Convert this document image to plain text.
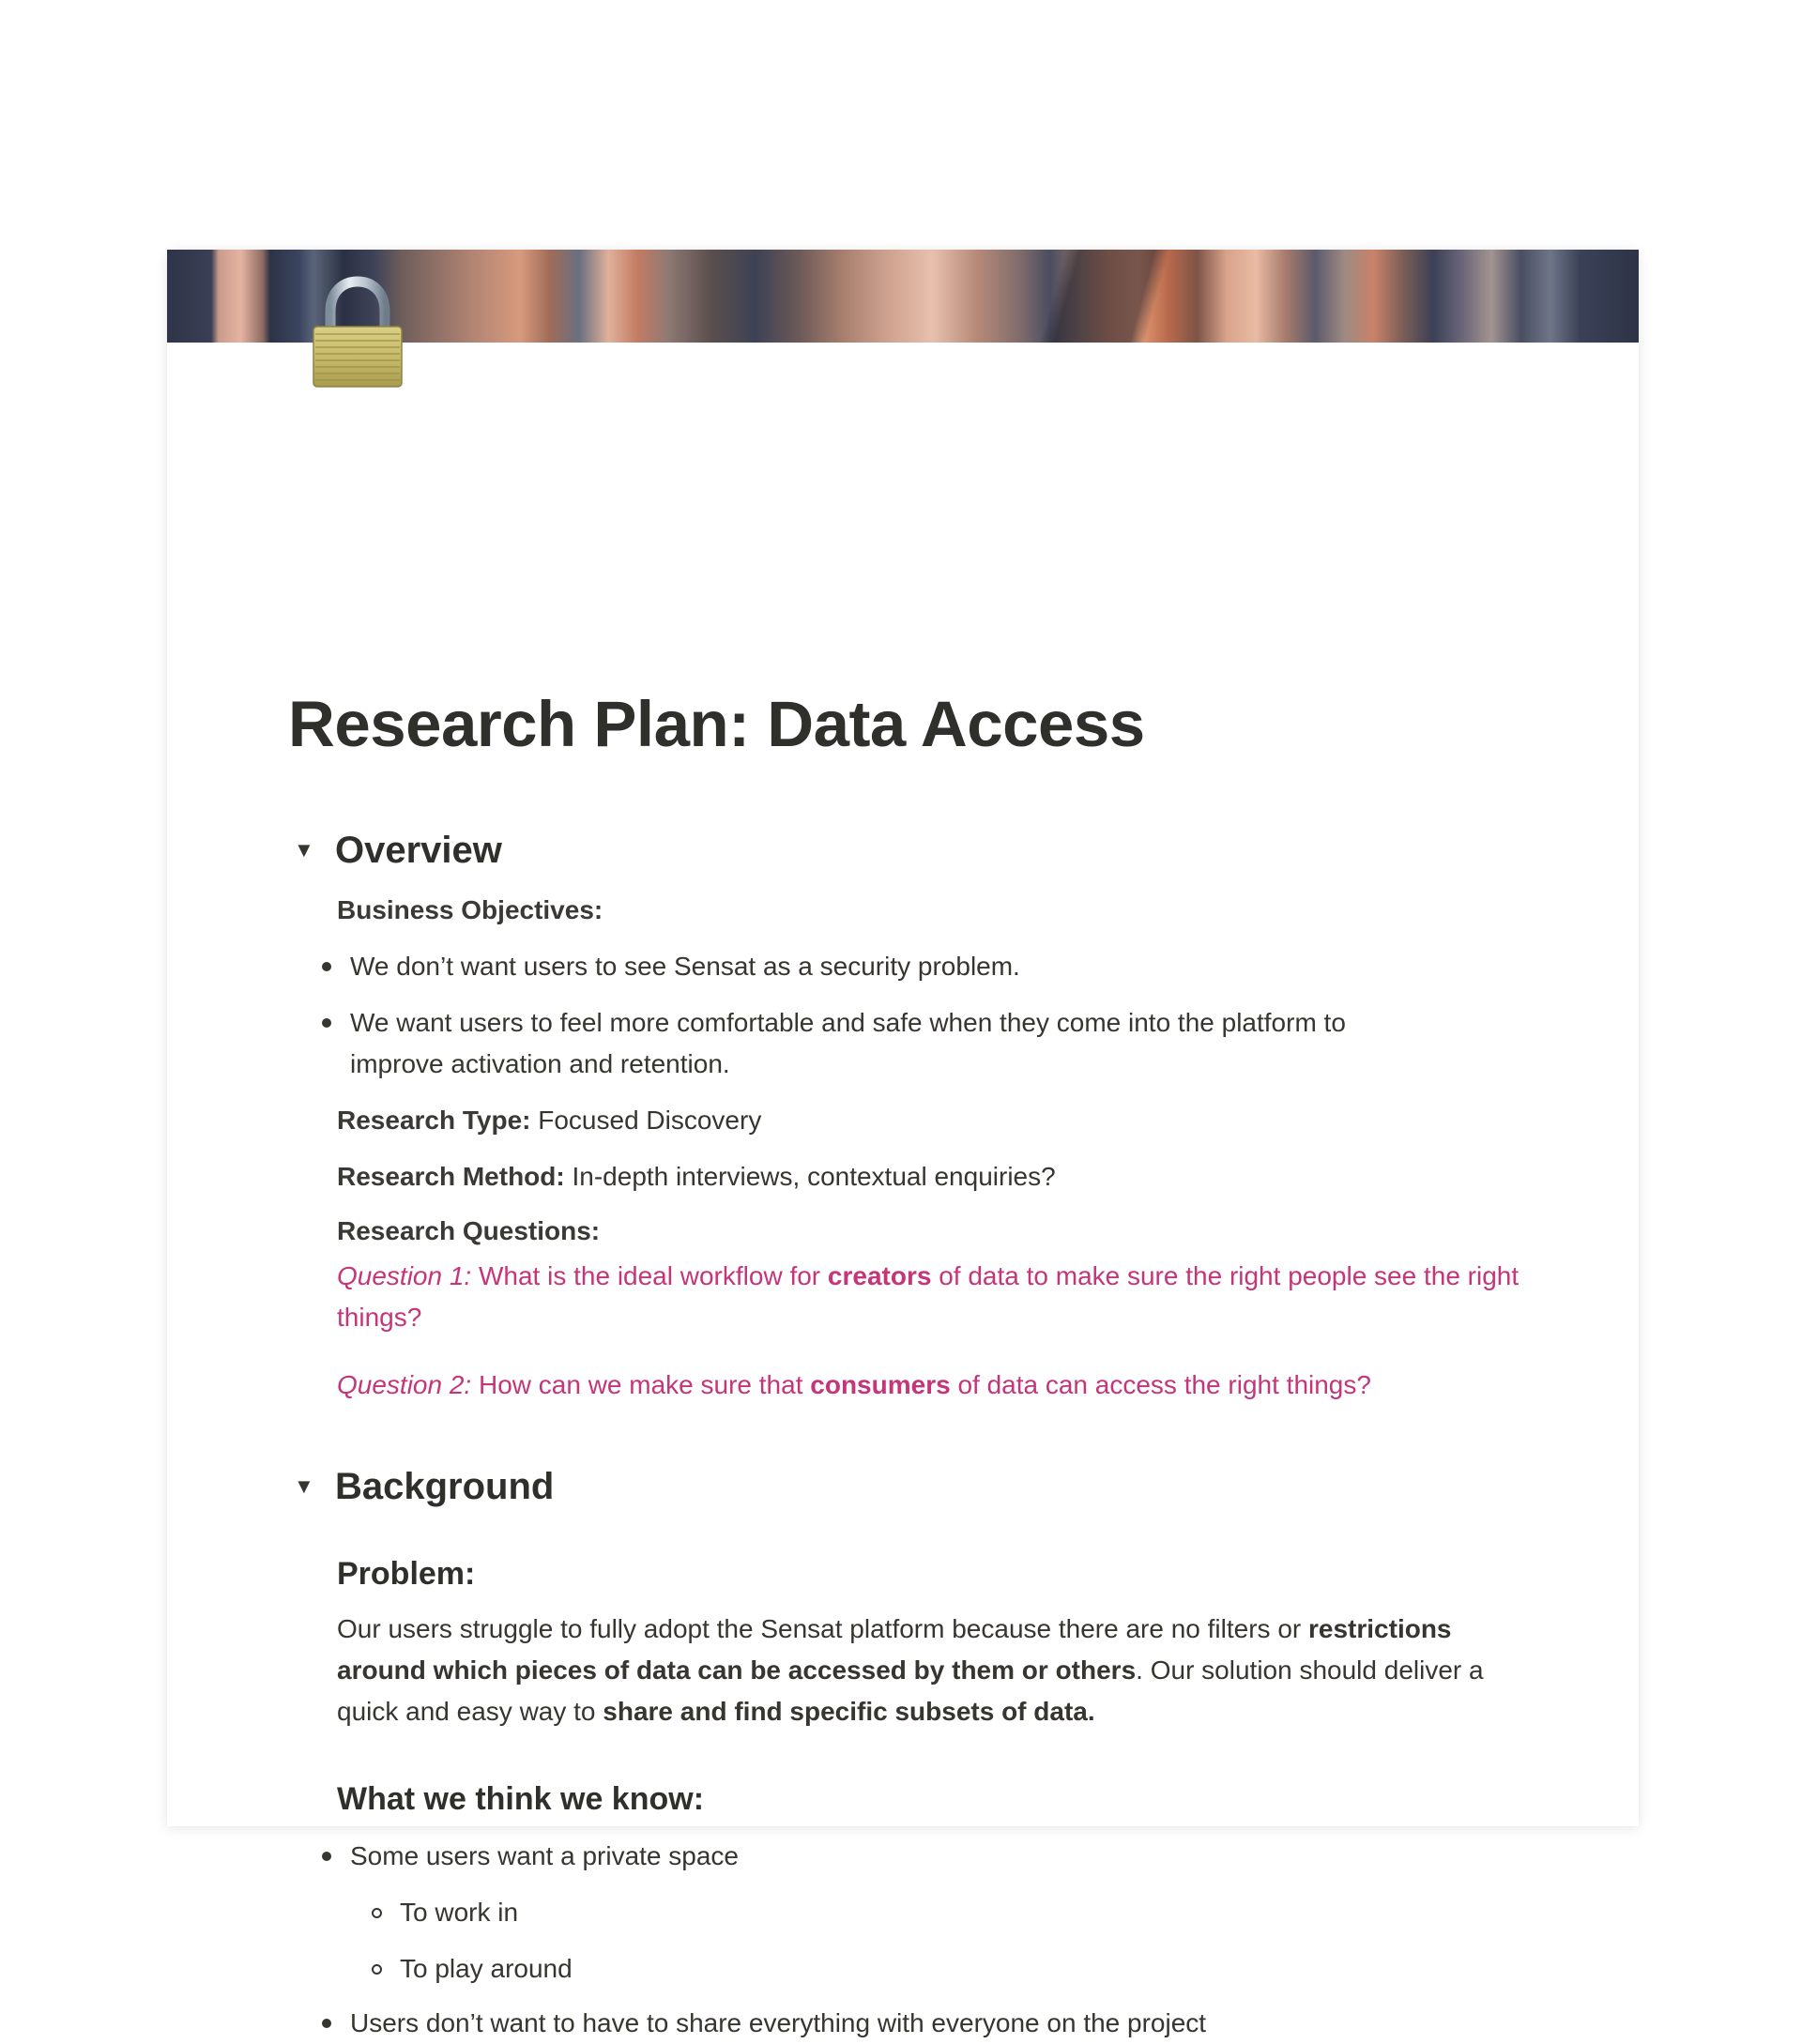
Research Plan: Data Access
▼ Overview
Business Objectives:
We don’t want users to see Sensat as a security problem.
We want users to feel more comfortable and safe when they come into the platform to improve activation and retention.
Research Type: Focused Discovery
Research Method: In-depth interviews, contextual enquiries?
Research Questions:
Question 1: What is the ideal workflow for creators of data to make sure the right people see the right things?
Question 2: How can we make sure that consumers of data can access the right things?
▼ Background
Problem:
Our users struggle to fully adopt the Sensat platform because there are no filters or restrictions around which pieces of data can be accessed by them or others. Our solution should deliver a quick and easy way to share and find specific subsets of data.
What we think we know:
Some users want a private space
To work in
To play around
Users don’t want to have to share everything with everyone on the project
